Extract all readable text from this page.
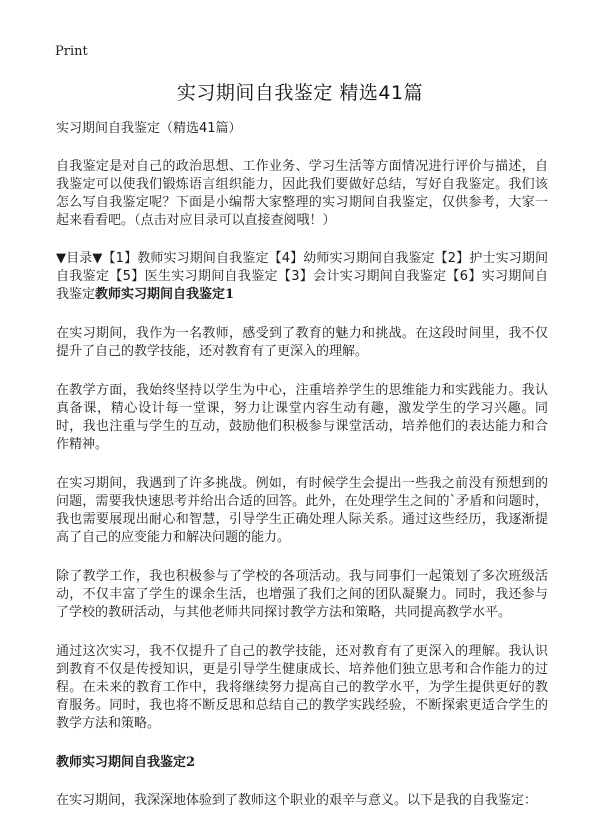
Print
实习期间自我鉴定 精选41篇

实习期间自我鉴定（精选41篇）

自我鉴定是对自己的政治思想、工作业务、学习生活等方面情况进行评价与描述，自我鉴定可以使我们锻炼语言组织能力，因此我们要做好总结，写好自我鉴定。我们该怎么写自我鉴定呢？下面是小编帮大家整理的实习期间自我鉴定，仅供参考，大家一起来看看吧。（点击对应目录可以直接查阅哦！）

▼目录▼【1】教师实习期间自我鉴定【4】幼师实习期间自我鉴定【2】护士实习期间自我鉴定【5】医生实习期间自我鉴定【3】会计实习期间自我鉴定【6】实习期间自我鉴定教师实习期间自我鉴定1

在实习期间，我作为一名教师，感受到了教育的魅力和挑战。在这段时间里，我不仅提升了自己的教学技能，还对教育有了更深入的理解。

在教学方面，我始终坚持以学生为中心，注重培养学生的思维能力和实践能力。我认真备课，精心设计每一堂课，努力让课堂内容生动有趣，激发学生的学习兴趣。同时，我也注重与学生的互动，鼓励他们积极参与课堂活动，培养他们的表达能力和合作精神。

在实习期间，我遇到了许多挑战。例如，有时候学生会提出一些我之前没有预想到的问题，需要我快速思考并给出合适的回答。此外，在处理学生之间的`矛盾和问题时，我也需要展现出耐心和智慧，引导学生正确处理人际关系。通过这些经历，我逐渐提高了自己的应变能力和解决问题的能力。

除了教学工作，我也积极参与了学校的各项活动。我与同事们一起策划了多次班级活动，不仅丰富了学生的课余生活，也增强了我们之间的团队凝聚力。同时，我还参与了学校的教研活动，与其他老师共同探讨教学方法和策略，共同提高教学水平。

通过这次实习，我不仅提升了自己的教学技能，还对教育有了更深入的理解。我认识到教育不仅是传授知识，更是引导学生健康成长、培养他们独立思考和合作能力的过程。在未来的教育工作中，我将继续努力提高自己的教学水平，为学生提供更好的教育服务。同时，我也将不断反思和总结自己的教学实践经验，不断探索更适合学生的教学方法和策略。

教师实习期间自我鉴定2

在实习期间，我深深地体验到了教师这个职业的艰辛与意义。以下是我的自我鉴定：
